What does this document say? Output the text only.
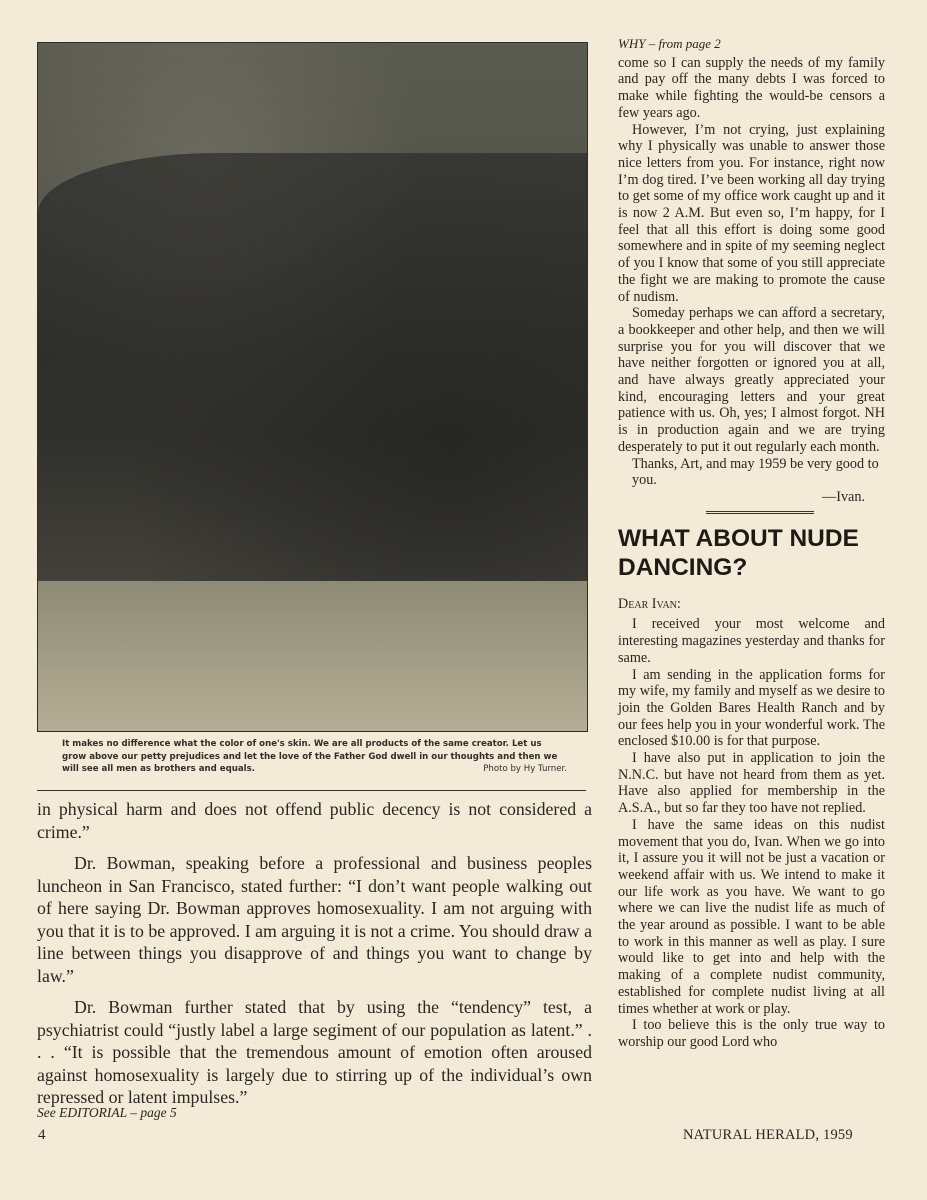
It makes no difference what the color of one's skin. We are all products of the same creator. Let us grow above our petty prejudices and let the love of the Father God dwell in our thoughts and then we will see all men as brothers and equals.	Photo by Hy Turner.

in physical harm and does not offend public decency is not considered a crime.”

Dr. Bowman, speaking before a professional and business peoples luncheon in San Francisco, stated further: “I don’t want people walking out of here saying Dr. Bowman approves homosexuality. I am not arguing with you that it is to be approved. I am arguing it is not a crime. You should draw a line between things you disapprove of and things you want to change by law.”

Dr. Bowman further stated that by using the “tendency” test, a psychiatrist could “justly label a large segiment of our population as latent.” . . . “It is possible that the tremendous amount of emotion often aroused against homosexuality is largely due to stirring up of the individual’s own repressed or latent impulses.”

See EDITORIAL – page 5
4
WHY – from page 2

come so I can supply the needs of my family and pay off the many debts I was forced to make while fighting the would-be censors a few years ago.

However, I’m not crying, just explaining why I physically was unable to answer those nice letters from you. For instance, right now I’m dog tired. I’ve been working all day trying to get some of my office work caught up and it is now 2 A.M. But even so, I’m happy, for I feel that all this effort is doing some good somewhere and in spite of my seeming neglect of you I know that some of you still appreciate the fight we are making to promote the cause of nudism.

Someday perhaps we can afford a secretary, a bookkeeper and other help, and then we will surprise you for you will discover that we have neither forgotten or ignored you at all, and have always greatly appreciated your kind, encouraging letters and your great patience with us. Oh, yes; I almost forgot. NH is in production again and we are trying desperately to put it out regularly each month.

Thanks, Art, and may 1959 be very good to you.
—Ivan.
WHAT ABOUT NUDE DANCING?
Dear Ivan:

I received your most welcome and interesting magazines yesterday and thanks for same.

I am sending in the application forms for my wife, my family and myself as we desire to join the Golden Bares Health Ranch and by our fees help you in your wonderful work. The enclosed $10.00 is for that purpose.

I have also put in application to join the N.N.C. but have not heard from them as yet. Have also applied for membership in the A.S.A., but so far they too have not replied.

I have the same ideas on this nudist movement that you do, Ivan. When we go into it, I assure you it will not be just a vacation or weekend affair with us. We intend to make it our life work as you have. We want to go where we can live the nudist life as much of the year around as possible. I want to be able to work in this manner as well as play. I sure would like to get into and help with the making of a complete nudist community, established for complete nudist living at all times whether at work or play.

I too believe this is the only true way to worship our good Lord who

NATURAL HERALD, 1959
